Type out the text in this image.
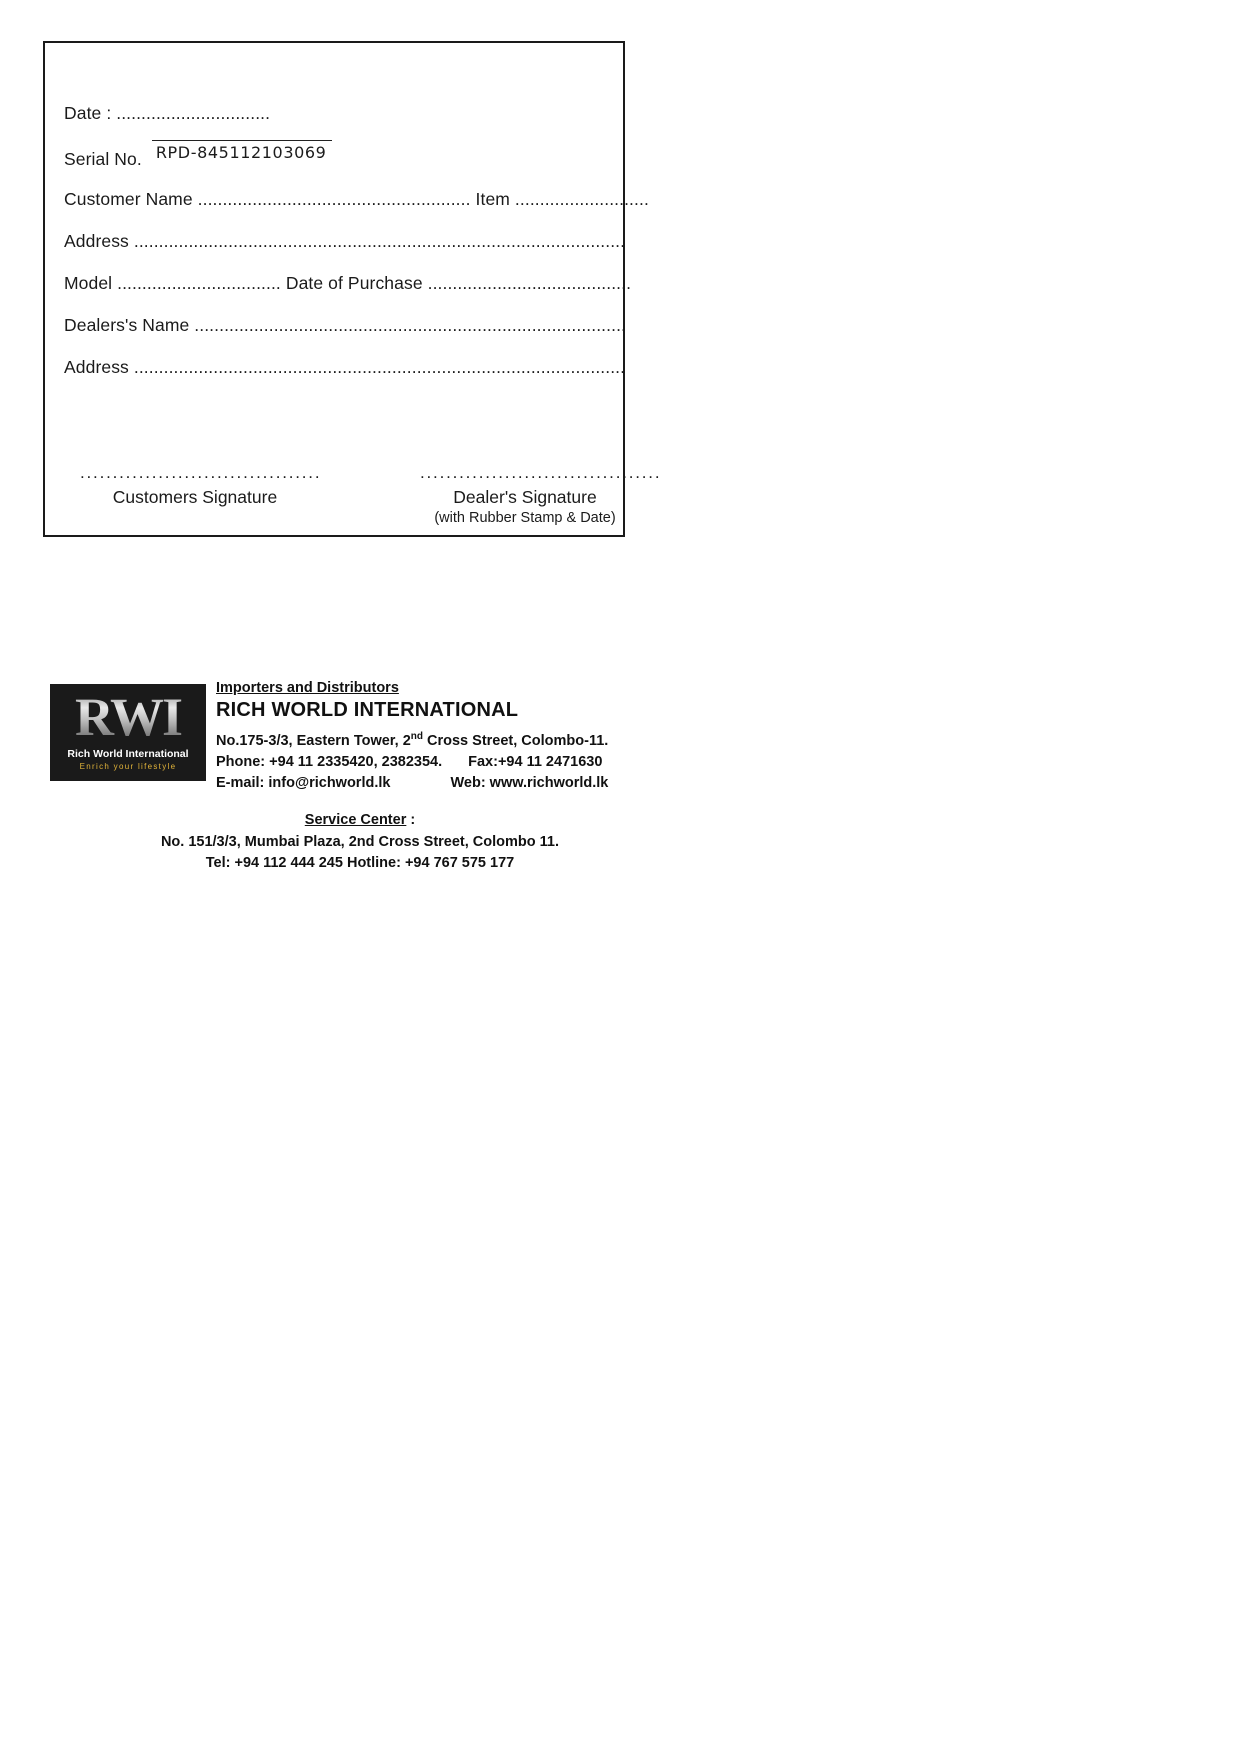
Date : ...............................
Serial No. RPD-845112103069
Customer Name ....................................................... Item ...........................
Address ...................................................................................................
Model ................................. Date of Purchase .........................................
Dealers's Name .......................................................................................
Address ...................................................................................................
.....................................
Customers Signature
.....................................
Dealer's Signature
(with Rubber Stamp & Date)
RWI
Rich World International
Enrich your lifestyle
Importers and Distributors
RICH WORLD INTERNATIONAL
No.175-3/3, Eastern Tower, 2nd Cross Street, Colombo-11.
Phone: +94 11 2335420, 2382354. Fax:+94 11 2471630
E-mail: info@richworld.lk	Web: www.richworld.lk
Service Center :
No. 151/3/3, Mumbai Plaza, 2nd Cross Street, Colombo 11.
Tel: +94 112 444 245 Hotline: +94 767 575 177
